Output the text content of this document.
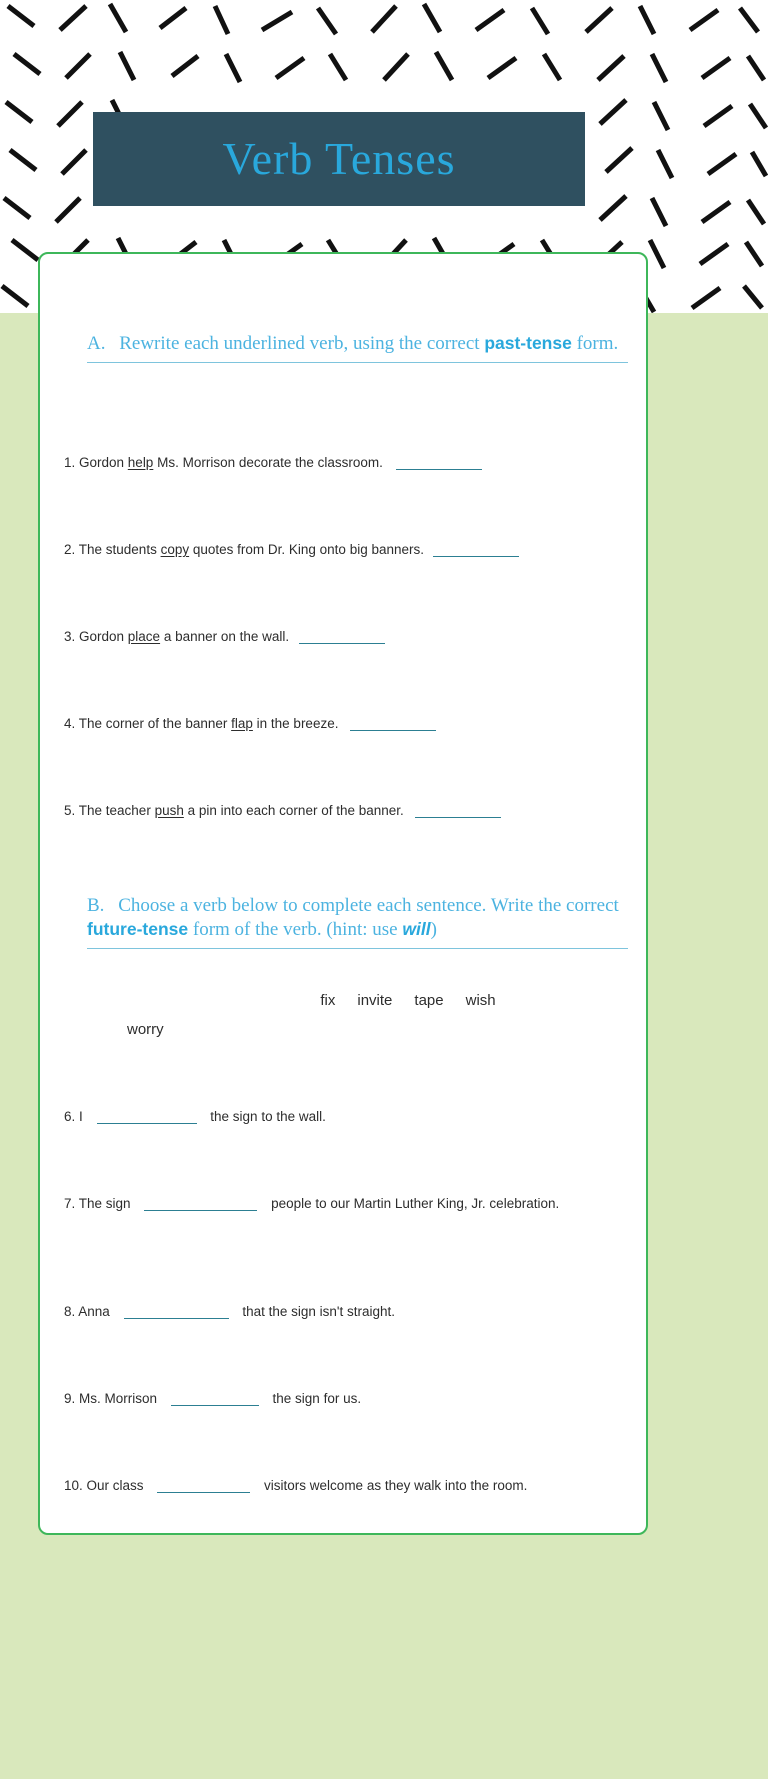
Verb Tenses
A. Rewrite each underlined verb, using the correct past-tense form.
1. Gordon help Ms. Morrison decorate the classroom.
2. The students copy quotes from Dr. King onto big banners.
3. Gordon place a banner on the wall.
4. The corner of the banner flap in the breeze.
5. The teacher push a pin into each corner of the banner.
B. Choose a verb below to complete each sentence. Write the correct future-tense form of the verb. (hint: use will)
fix invite tape wish
worry
6. I	the sign to the wall.
7. The sign	people to our Martin Luther King, Jr. celebration.
8. Anna	that the sign isn't straight.
9. Ms. Morrison	the sign for us.
10. Our class	visitors welcome as they walk into the room.
